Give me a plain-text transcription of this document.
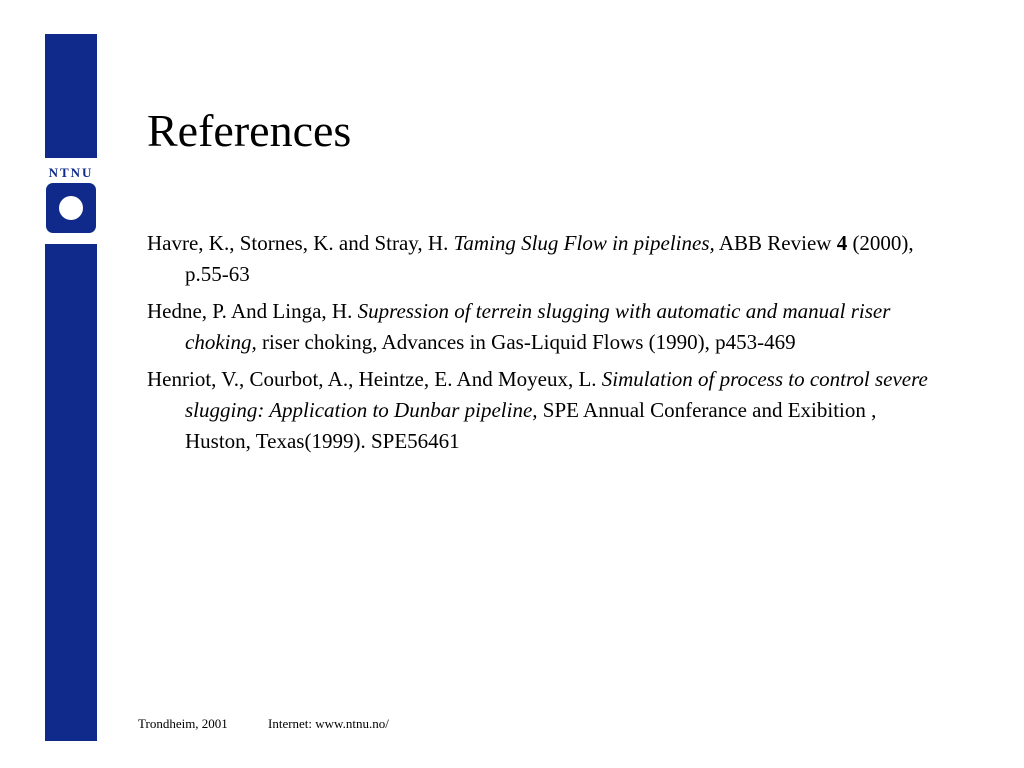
NTNU

References
Havre, K., Stornes, K. and Stray, H. Taming Slug Flow in pipelines, ABB Review 4 (2000), p.55-63
Hedne, P. And Linga, H. Supression of terrein slugging with automatic and manual riser choking, riser choking, Advances in Gas-Liquid Flows (1990), p453-469
Henriot, V., Courbot, A., Heintze, E. And Moyeux, L. Simulation of process to control severe slugging: Application to Dunbar pipeline, SPE Annual Conferance and Exibition , Huston, Texas(1999). SPE56461
Trondheim, 2001	Internet: www.ntnu.no/
